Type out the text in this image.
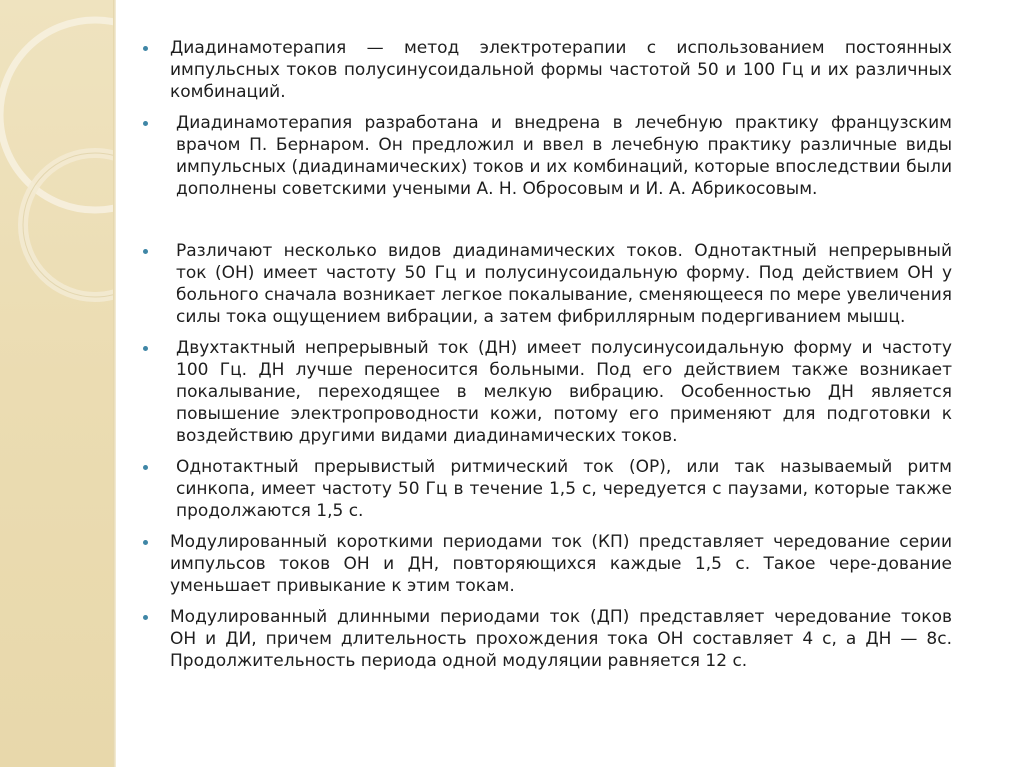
Диадинамотерапия — метод электротерапии с использованием постоянных импульсных токов полусинусоидальной формы частотой 50 и 100 Гц и их различных комбинаций.
Диадинамотерапия разработана и внедрена в лечебную практику французским врачом П. Бернаром. Он предложил и ввел в лечебную практику различные виды импульсных (диадинамических) токов и их комбинаций, которые впоследствии были дополнены советскими учеными А. Н. Обросовым и И. А. Абрикосовым.
Различают несколько видов диадинамических токов. Однотактный непрерывный ток (ОН) имеет частоту 50 Гц и полусинусоидальную форму. Под действием ОН у больного сначала возникает легкое покалывание, сменяющееся по мере увеличения силы тока ощущением вибрации, а затем фибриллярным подергиванием мышц.
Двухтактный непрерывный ток (ДН) имеет полусинусоидальную форму и частоту 100 Гц. ДН лучше переносится больными. Под его действием также возникает покалывание, переходящее в мелкую вибрацию. Особенностью ДН является повышение электропроводности кожи, потому его применяют для подготовки к воздействию другими видами диадинамических токов.
Однотактный прерывистый ритмический ток (ОР), или так называемый ритм синкопа, имеет частоту 50 Гц в течение 1,5 с, чередуется с паузами, которые также продолжаются 1,5 с.
Модулированный короткими периодами ток (КП) представляет чередование серии импульсов токов ОН и ДН, повторяющихся каждые 1,5 с. Такое чере-дование уменьшает привыкание к этим токам.
Модулированный длинными периодами ток (ДП) представляет чередование токов ОН и ДИ, причем длительность прохождения тока ОН составляет 4 с, а ДН — 8с. Продолжительность периода одной модуляции равняется 12 с.
